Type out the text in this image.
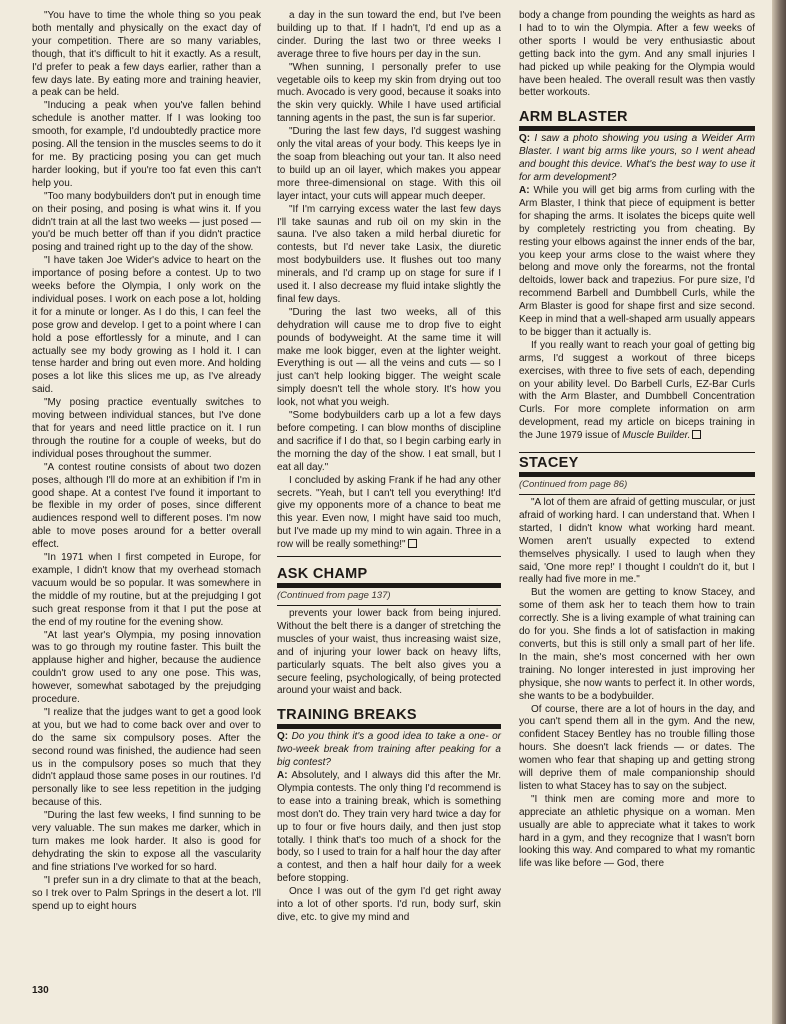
"You have to time the whole thing so you peak both mentally and physically on the exact day of your competition. There are so many variables, though, that it's difficult to hit it exactly. As a result, I'd prefer to peak a few days earlier, rather than a few days late. By eating more and training heavier, a peak can be held.

"Inducing a peak when you've fallen behind schedule is another matter. If I was looking too smooth, for example, I'd undoubtedly practice more posing. All the tension in the muscles seems to do it for me. By practicing posing you can get much harder looking, but if you're too fat even this can't help you.

"Too many bodybuilders don't put in enough time on their posing, and posing is what wins it. If you didn't train at all the last two weeks — just posed — you'd be much better off than if you didn't practice posing and trained right up to the day of the show.

"I have taken Joe Wider's advice to heart on the importance of posing before a contest. Up to two weeks before the Olympia, I only work on the individual poses. I work on each pose a lot, holding it for a minute or longer. As I do this, I can feel the pose grow and develop. I get to a point where I can hold a pose effortlessly for a minute, and I can actually see my body growing as I hold it. I can tense harder and bring out even more. And holding poses a lot like this slices me up, as I've already said.

"My posing practice eventually switches to moving between individual stances, but I've done that for years and need little practice on it. I run through the routine for a couple of weeks, but do individual poses throughout the summer.

"A contest routine consists of about two dozen poses, although I'll do more at an exhibition if I'm in good shape. At a contest I've found it important to be flexible in my order of poses, since different audiences respond well to different poses. I'm now able to move poses around for a better overall effect.

"In 1971 when I first competed in Europe, for example, I didn't know that my overhead stomach vacuum would be so popular. It was somewhere in the middle of my routine, but at the prejudging I got such great response from it that I put the pose at the end of my routine for the evening show.

"At last year's Olympia, my posing innovation was to go through my routine faster. This built the applause higher and higher, because the audience couldn't grow used to any one pose. This was, however, somewhat sabotaged by the prejudging procedure.

"I realize that the judges want to get a good look at you, but we had to come back over and over to do the same six compulsory poses. After the second round was finished, the audience had seen us in the compulsory poses so much that they didn't applaud those same poses in our routines. I'd personally like to see less repetition in the judging because of this.

"During the last few weeks, I find sunning to be very valuable. The sun makes me darker, which in turn makes me look harder. It also is good for dehydrating the skin to expose all the vascularity and fine striations I've worked for so hard.

"I prefer sun in a dry climate to that at the beach, so I trek over to Palm Springs in the desert a lot. I'll spend up to eight hours

a day in the sun toward the end, but I've been building up to that. If I hadn't, I'd end up as a cinder. During the last two or three weeks I average three to five hours per day in the sun.

"When sunning, I personally prefer to use vegetable oils to keep my skin from drying out too much. Avocado is very good, because it soaks into the skin very quickly. While I have used artificial tanning agents in the past, the sun is far superior.

"During the last few days, I'd suggest washing only the vital areas of your body. This keeps lye in the soap from bleaching out your tan. It also need to build up an oil layer, which makes you appear more three-dimensional on stage. With this oil layer intact, your cuts will appear much deeper.

"If I'm carrying excess water the last few days I'll take saunas and rub oil on my skin in the sauna. I've also taken a mild herbal diuretic for contests, but I'd never take Lasix, the diuretic most bodybuilders use. It flushes out too many minerals, and I'd cramp up on stage for sure if I used it. I also decrease my fluid intake slightly the final few days.

"During the last two weeks, all of this dehydration will cause me to drop five to eight pounds of bodyweight. At the same time it will make me look bigger, even at the lighter weight. Everything is out — all the veins and cuts — so I just can't help looking bigger. The weight scale simply doesn't tell the whole story. It's how you look, not what you weigh.

"Some bodybuilders carb up a lot a few days before competing. I can blow months of discipline and sacrifice if I do that, so I begin carbing early in the morning the day of the show. I eat small, but I eat all day."

I concluded by asking Frank if he had any other secrets. "Yeah, but I can't tell you everything! It'd give my opponents more of a chance to beat me this year. Even now, I might have said too much, but I've made up my mind to win again. Three in a row will be really something!"

ASK CHAMP
(Continued from page 137)

prevents your lower back from being injured. Without the belt there is a danger of stretching the muscles of your waist, thus increasing waist size, and of injuring your lower back on heavy lifts, particularly squats. The belt also gives you a secure feeling, psychologically, of being protected around your waist and back.

TRAINING BREAKS

Q: Do you think it's a good idea to take a one- or two-week break from training after peaking for a big contest?

A: Absolutely, and I always did this after the Mr. Olympia contests. The only thing I'd recommend is to ease into a training break, which is something most don't do. They train very hard twice a day for up to four or five hours daily, and then just stop totally. I think that's too much of a shock for the body, so I used to train for a half hour the day after a contest, and then a half hour daily for a week before stopping.

Once I was out of the gym I'd get right away into a lot of other sports. I'd run, body surf, skin dive, etc. to give my mind and

body a change from pounding the weights as hard as I had to to win the Olympia. After a few weeks of other sports I would be very enthusiastic about getting back into the gym. And any small injuries I had picked up while peaking for the Olympia would have been healed. The overall result was then vastly better workouts.

ARM BLASTER

Q: I saw a photo showing you using a Weider Arm Blaster. I want big arms like yours, so I went ahead and bought this device. What's the best way to use it for arm development?

A: While you will get big arms from curling with the Arm Blaster, I think that piece of equipment is better for shaping the arms. It isolates the biceps quite well by completely restricting you from cheating. By resting your elbows against the inner ends of the bar, you keep your arms close to the waist where they belong and move only the forearms, not the frontal deltoids, lower back and trapezius. For pure size, I'd recommend Barbell and Dumbbell Curls, while the Arm Blaster is good for shape first and size second. Keep in mind that a well-shaped arm usually appears to be bigger than it actually is.

If you really want to reach your goal of getting big arms, I'd suggest a workout of three biceps exercises, with three to five sets of each, depending on your ability level. Do Barbell Curls, EZ-Bar Curls with the Arm Blaster, and Dumbbell Concentration Curls. For more complete information on arm development, read my article on biceps training in the June 1979 issue of Muscle Builder.

STACEY
(Continued from page 86)

"A lot of them are afraid of getting muscular, or just afraid of working hard. I can understand that. When I started, I didn't know what working hard meant. Women aren't usually expected to extend themselves physically. I used to laugh when they said, 'One more rep!' I thought I couldn't do it, but I really had five more in me."

But the women are getting to know Stacey, and some of them ask her to teach them how to train correctly. She is a living example of what training can do for you. She finds a lot of satisfaction in making converts, but this is still only a small part of her life. In the main, she's most concerned with her own training. No longer interested in just improving her physique, she now wants to perfect it. In other words, she wants to be a bodybuilder.

Of course, there are a lot of hours in the day, and you can't spend them all in the gym. And the new, confident Stacey Bentley has no trouble filling those hours. She doesn't lack friends — or dates. The women who fear that shaping up and getting strong will deprive them of male companionship should listen to what Stacey has to say on the subject.

"I think men are coming more and more to appreciate an athletic physique on a woman. Men usually are able to appreciate what it takes to work hard in a gym, and they recognize that I wasn't born looking this way. And compared to what my romantic life was like before — God, there

130
